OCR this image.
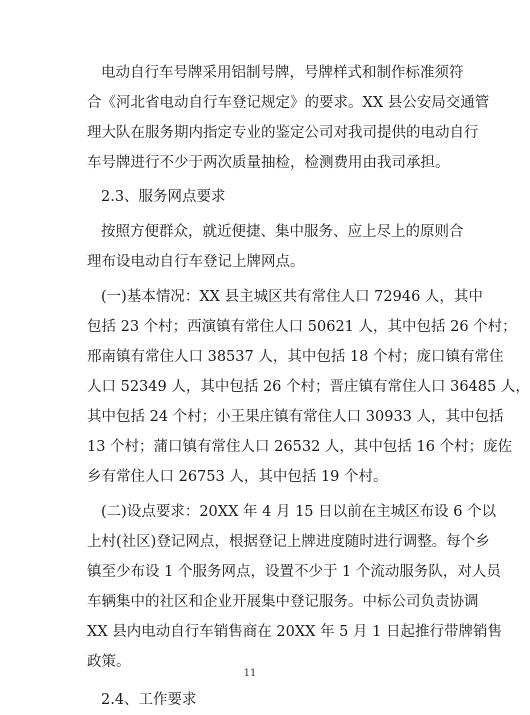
电动自行车号牌采用铝制号牌，号牌样式和制作标准须符
合《河北省电动自行车登记规定》的要求。XX 县公安局交通管
理大队在服务期内指定专业的鉴定公司对我司提供的电动自行
车号牌进行不少于两次质量抽检，检测费用由我司承担。
2.3、服务网点要求
按照方便群众，就近便捷、集中服务、应上尽上的原则合
理布设电动自行车登记上牌网点。
(一)基本情况：XX 县主城区共有常住人口 72946 人，其中
包括 23 个村；西演镇有常住人口 50621 人，其中包括 26 个村；
邢南镇有常住人口 38537 人，其中包括 18 个村；庞口镇有常住
人口 52349 人，其中包括 26 个村；晋庄镇有常住人口 36485 人，
其中包括 24 个村；小王果庄镇有常住人口 30933 人，其中包括
13 个村；蒲口镇有常住人口 26532 人，其中包括 16 个村；庞佐
乡有常住人口 26753 人，其中包括 19 个村。
(二)设点要求：20XX 年 4 月 15 日以前在主城区布设 6 个以
上村(社区)登记网点，根据登记上牌进度随时进行调整。每个乡
镇至少布设 1 个服务网点，设置不少于 1 个流动服务队，对人员
车辆集中的社区和企业开展集中登记服务。中标公司负责协调
XX 县内电动自行车销售商在 20XX 年 5 月 1 日起推行带牌销售
政策。
2.4、工作要求
11
